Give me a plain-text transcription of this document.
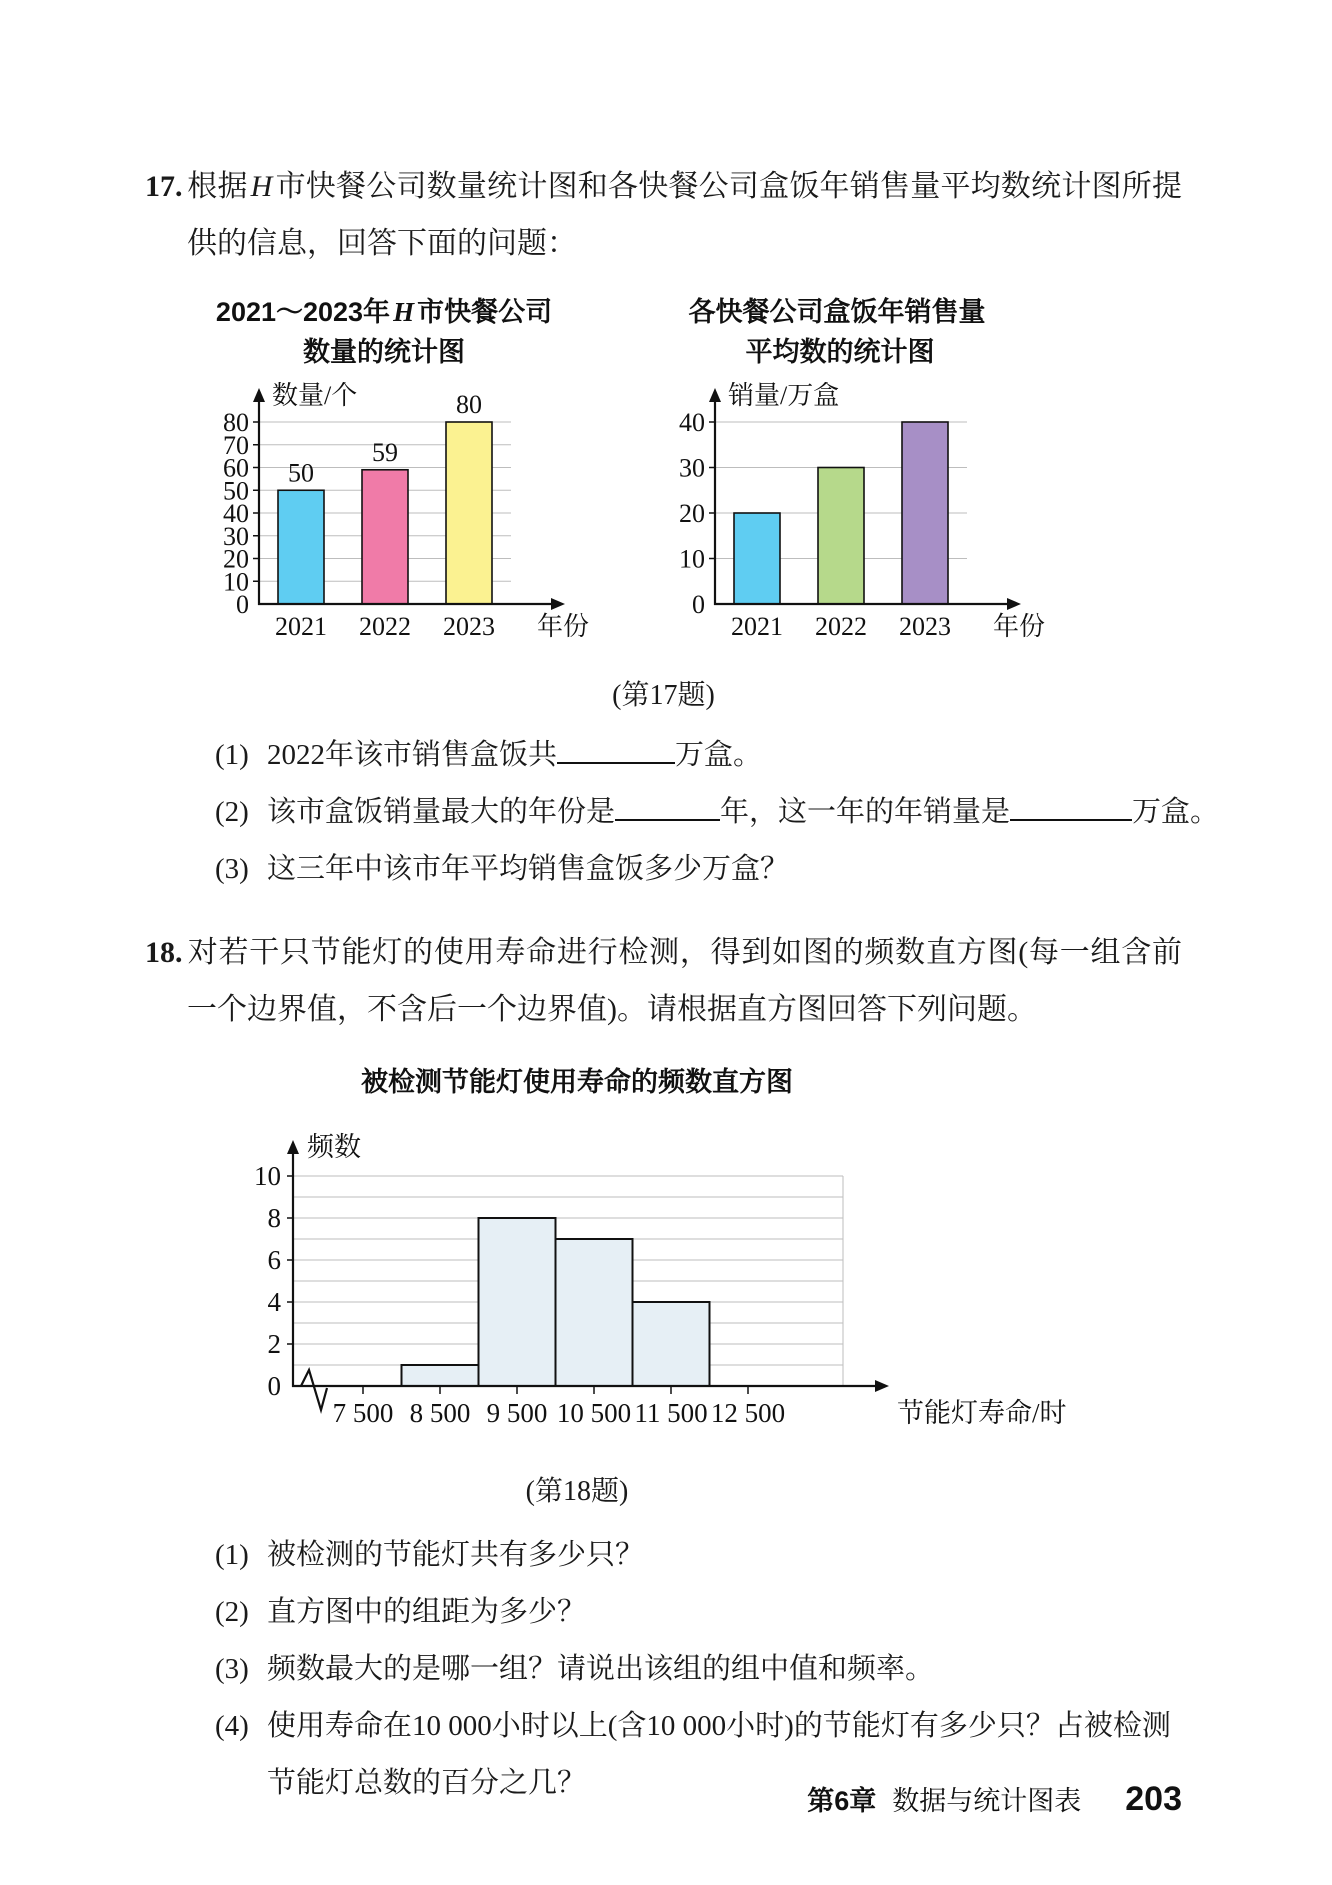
17. 根据 H 市快餐公司数量统计图和各快餐公司盒饭年销售量平均数统计图所提供的信息，回答下面的问题：

2021～2023年 H 市快餐公司
数量的统计图
0
10
20
30
40
50
60
70
80
50
2021
59
2022
80
2023
数量/个
年份
各快餐公司盒饭年销售量
平均数的统计图
0
10
20
30
40
2021 2022 2023
销量/万盒
年份
(第17题)

(1) 2022年该市销售盒饭共	万盒。

(2) 该市盒饭销量最大的年份是	年，这一年的年销量是	万盒。

(3) 这三年中该市年平均销售盒饭多少万盒？

18. 对若干只节能灯的使用寿命进行检测，得到如图的频数直方图(每一组含前一个边界值，不含后一个边界值)。请根据直方图回答下列问题。

被检测节能灯使用寿命的频数直方图
0
2
4
6
8
10
7 500 8 500 9 500 10 500 11 500 12 500
频数
节能灯寿命/时
(第18题)

(1) 被检测的节能灯共有多少只？

(2) 直方图中的组距为多少？

(3) 频数最大的是哪一组？请说出该组的组中值和频率。

(4) 使用寿命在10 000小时以上(含10 000小时)的节能灯有多少只？占被检测节能灯总数的百分之几？

第6章 数据与统计图表 203
